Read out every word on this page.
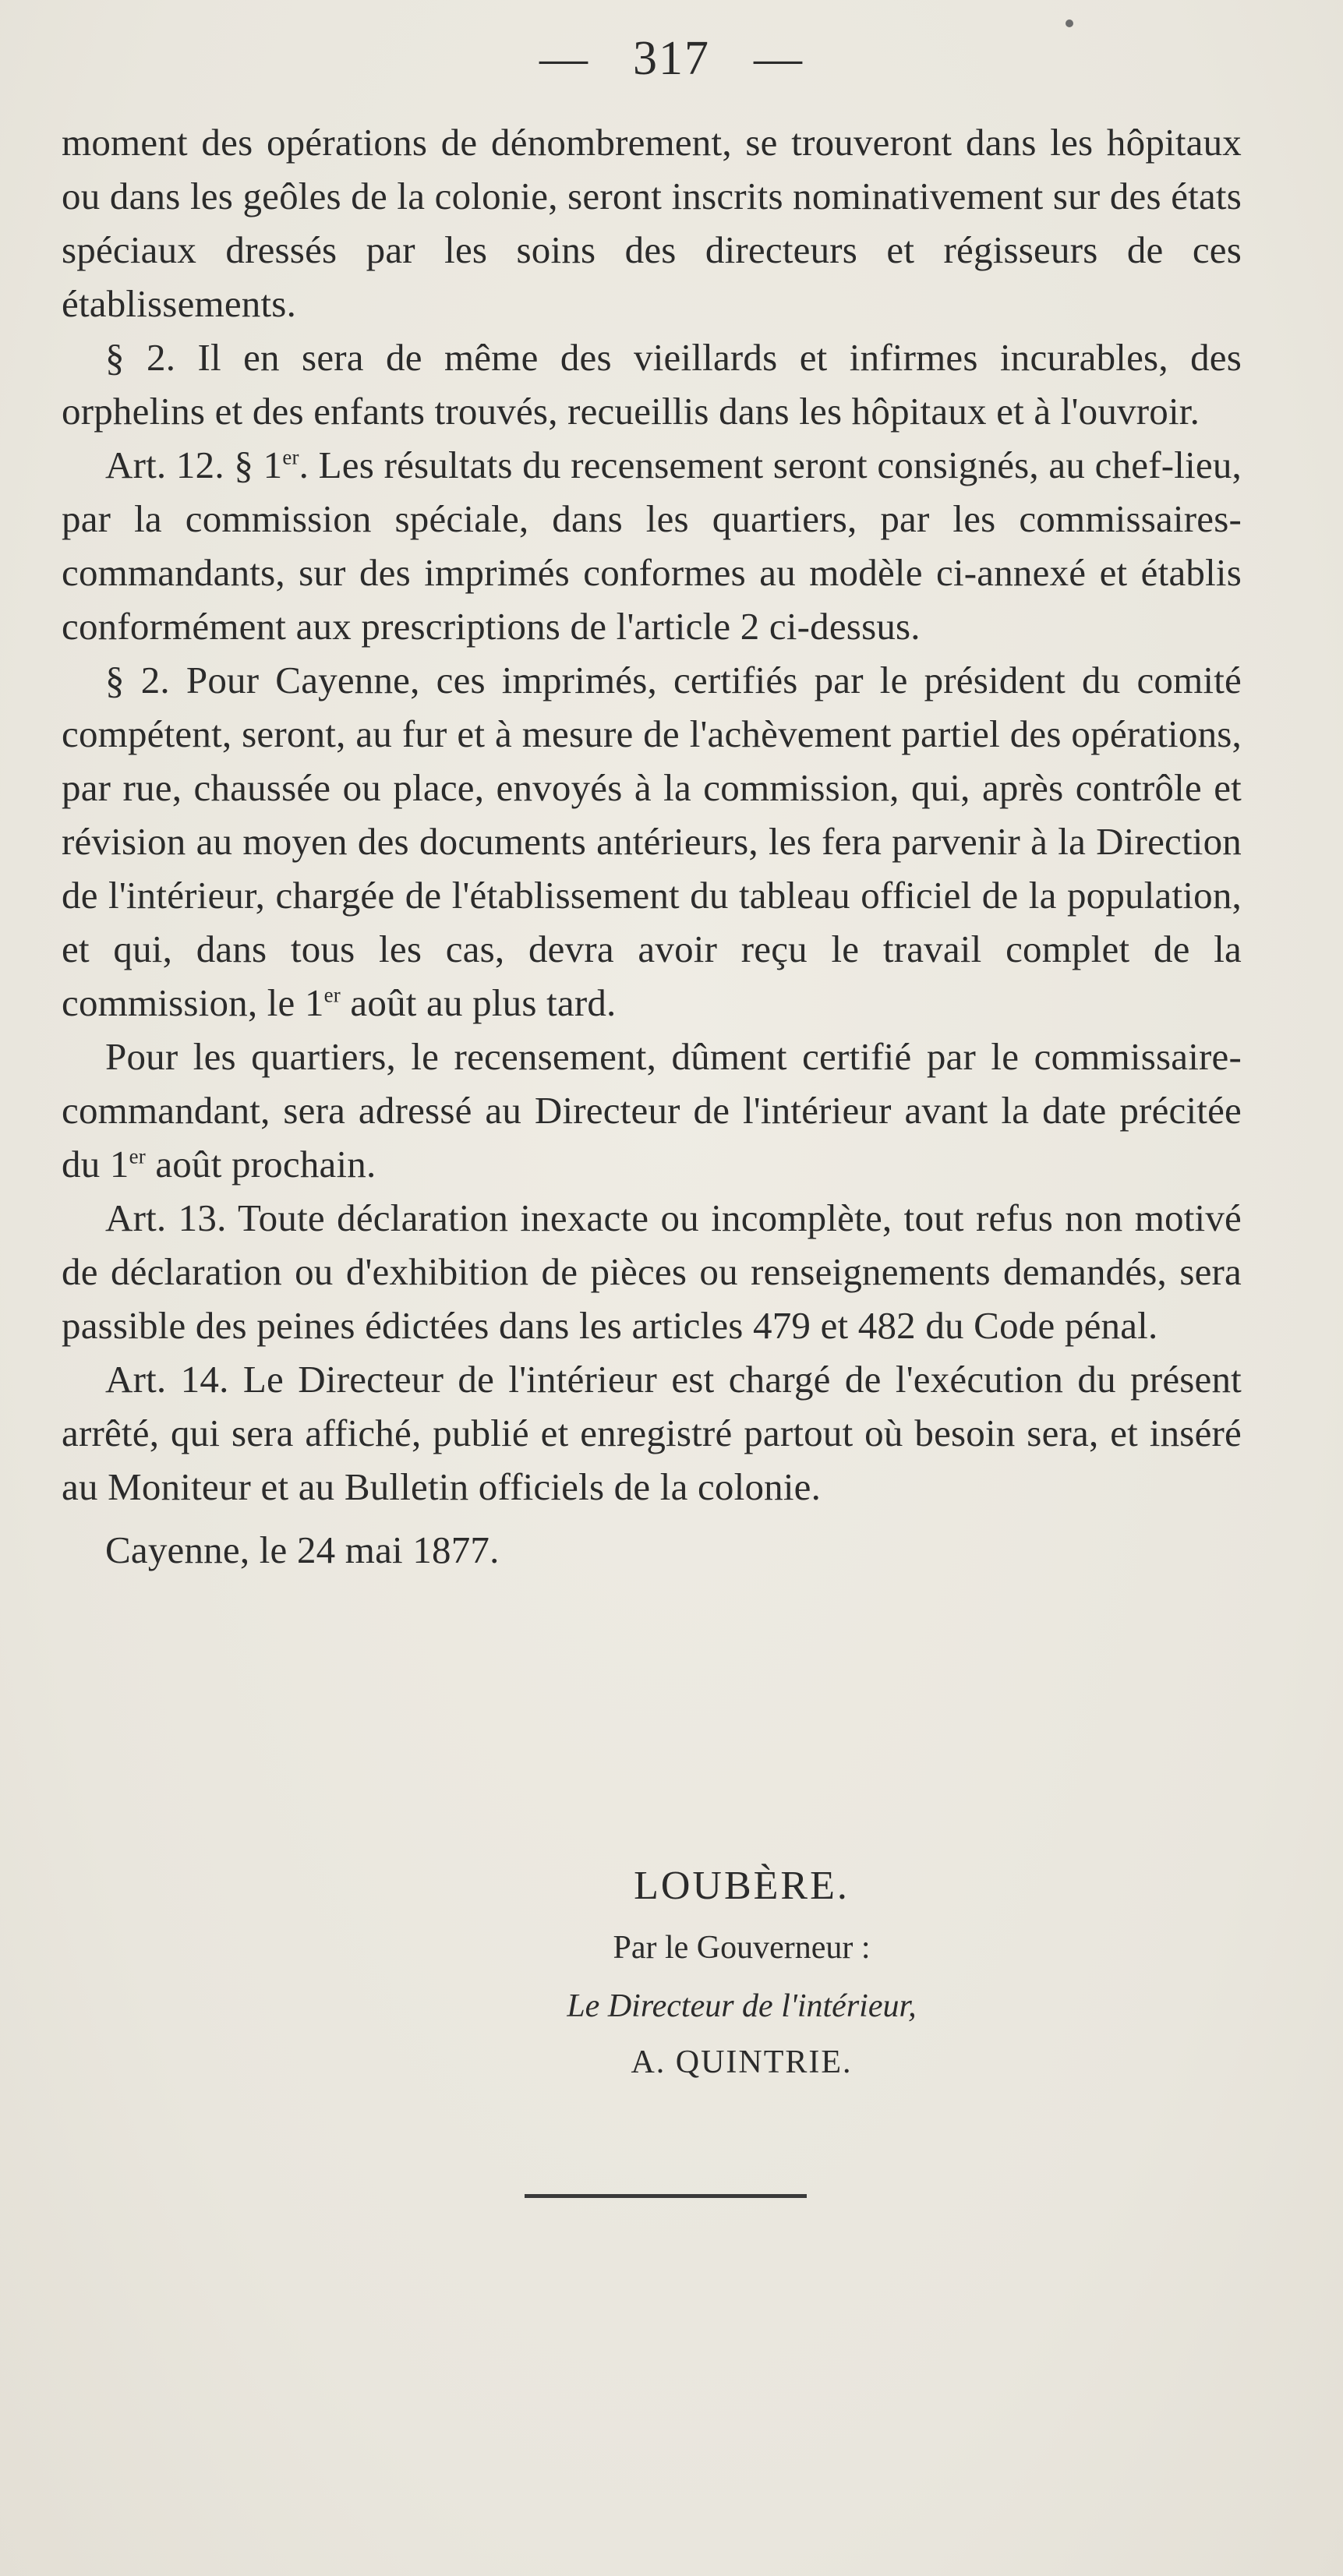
— 317 —

moment des opérations de dénombrement, se trouveront dans les hôpitaux ou dans les geôles de la colonie, seront inscrits nominativement sur des états spéciaux dressés par les soins des directeurs et régisseurs de ces établissements.

§ 2. Il en sera de même des vieillards et infirmes incurables, des orphelins et des enfants trouvés, recueillis dans les hôpitaux et à l'ouvroir.

Art. 12. § 1er. Les résultats du recensement seront consignés, au chef-lieu, par la commission spéciale, dans les quartiers, par les commissaires-commandants, sur des imprimés conformes au modèle ci-annexé et établis conformément aux prescriptions de l'article 2 ci-dessus.

§ 2. Pour Cayenne, ces imprimés, certifiés par le président du comité compétent, seront, au fur et à mesure de l'achèvement partiel des opérations, par rue, chaussée ou place, envoyés à la commission, qui, après contrôle et révision au moyen des documents antérieurs, les fera parvenir à la Direction de l'intérieur, chargée de l'établissement du tableau officiel de la population, et qui, dans tous les cas, devra avoir reçu le travail complet de la commission, le 1er août au plus tard.

Pour les quartiers, le recensement, dûment certifié par le commissaire-commandant, sera adressé au Directeur de l'intérieur avant la date précitée du 1er août prochain.

Art. 13. Toute déclaration inexacte ou incomplète, tout refus non motivé de déclaration ou d'exhibition de pièces ou renseignements demandés, sera passible des peines édictées dans les articles 479 et 482 du Code pénal.

Art. 14. Le Directeur de l'intérieur est chargé de l'exécution du présent arrêté, qui sera affiché, publié et enregistré partout où besoin sera, et inséré au Moniteur et au Bulletin officiels de la colonie.

Cayenne, le 24 mai 1877.

LOUBÈRE.
Par le Gouverneur :
Le Directeur de l'intérieur,
A. QUINTRIE.
